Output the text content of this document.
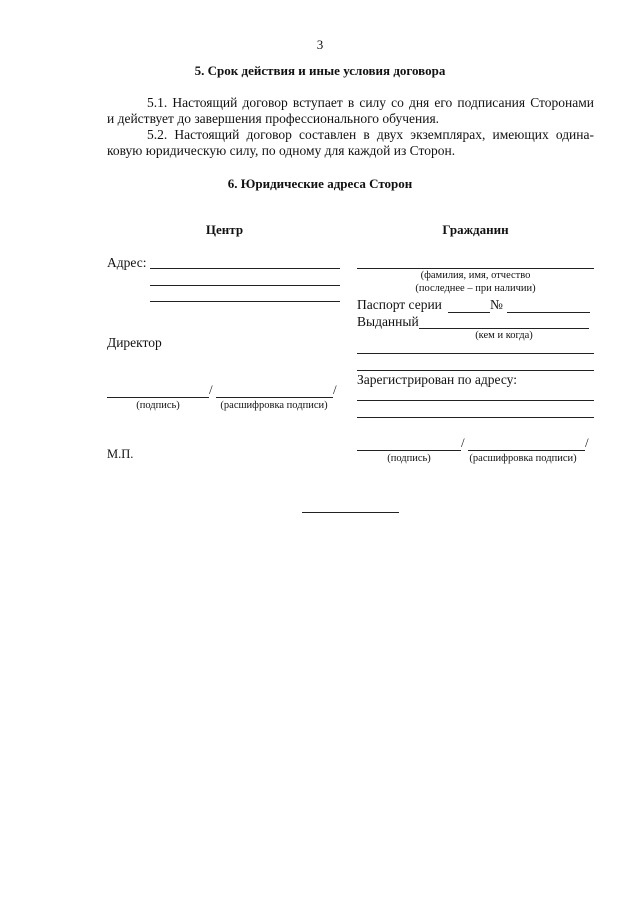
3
5. Срок действия и иные условия договора
5.1. Настоящий договор вступает в силу со дня его подписания Сторонами
и действует до завершения профессионального обучения.
5.2. Настоящий договор составлен в двух экземплярах, имеющих одина-
ковую юридическую силу, по одному для каждой из Сторон.
6. Юридические адреса Сторон
Центр
Адрес:
Директор
/	/
(подпись)	(расшифровка подписи)
М.П.
Гражданин
(фамилия, имя, отчество
(последнее – при наличии)
Паспорт серии	№
Выданный
(кем и когда)
Зарегистрирован по адресу:
/	/
(подпись)	(расшифровка подписи)
